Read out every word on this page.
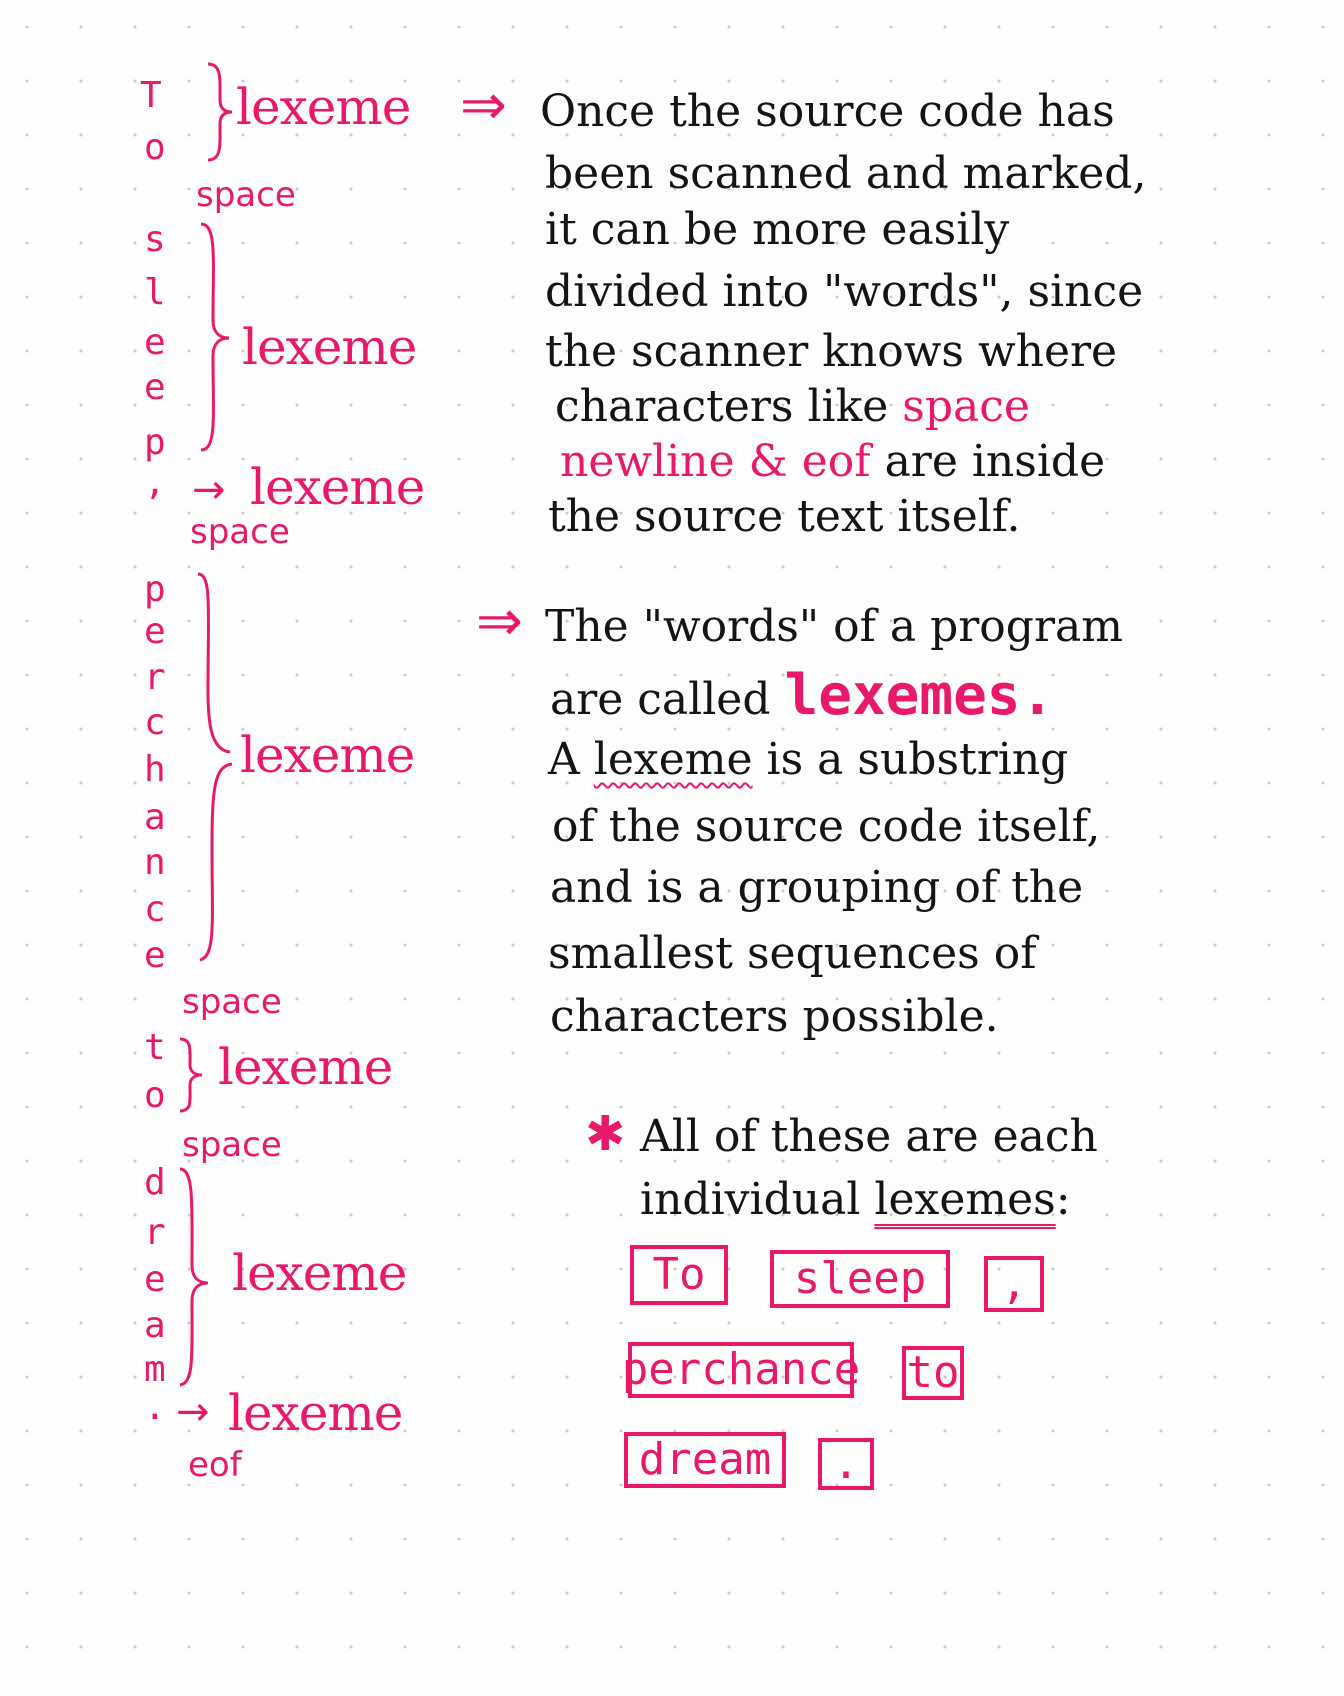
T
o
s
l
e
e
p
,
p
e
r
c
h
a
n
c
e
t
o
d
r
e
a
m
.
lexeme
lexeme
→ lexeme
lexeme
lexeme
lexeme
→ lexeme
space
space
space
space
eof
⇒ Once the source code has
been scanned and marked,
it can be more easily
divided into "words", since
the scanner knows where
characters like space
newline & eof are inside
the source text itself.
⇒ The "words" of a program
are called lexemes.
A lexeme is a substring
of the source code itself,
and is a grouping of the
smallest sequences of
characters possible.
✱ All of these are each
individual lexemes:
To	sleep	,
perchance to
dream	.
